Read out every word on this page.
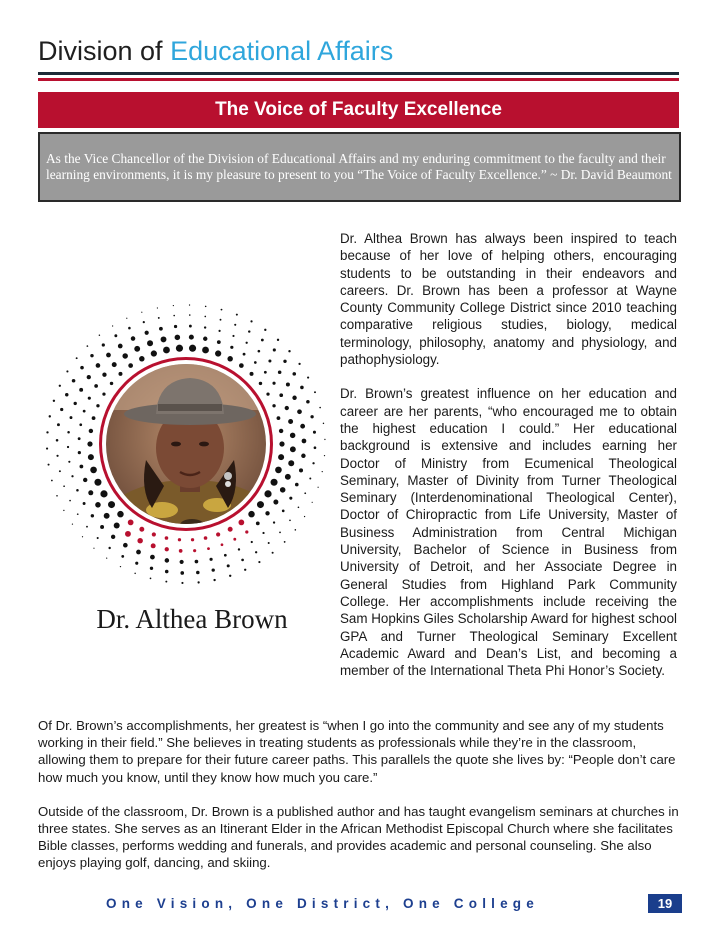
Division of Educational Affairs
The Voice of Faculty Excellence

As the Vice Chancellor of the Division of Educational Affairs and my enduring commitment to the faculty and their learning environments, it is my pleasure to present to you “The Voice of Faculty Excellence.” ~ Dr. David Beaumont

Dr. Althea Brown

Dr. Althea Brown has always been inspired to teach because of her love of helping others, encouraging students to be outstanding in their endeavors and careers. Dr. Brown has been a professor at Wayne County Community College District since 2010 teaching comparative religious studies, biology, medical terminology, philosophy, anatomy and physiology, and pathophysiology.

Dr. Brown’s greatest influence on her education and career are her parents, “who encouraged me to obtain the highest education I could.” Her educational background is extensive and includes earning her Doctor of Ministry from Ecumenical Theological Seminary, Master of Divinity from Turner Theological Seminary (Interdenominational Theological Center), Doctor of Chiropractic from Life University, Master of Business Administration from Central Michigan University, Bachelor of Science in Business from University of Detroit, and her Associate Degree in General Studies from Highland Park Community College. Her accomplishments include receiving the Sam Hopkins Giles Scholarship Award for highest school GPA and Turner Theological Seminary Excellent Academic Award and Dean’s List, and becoming a member of the International Theta Phi Honor’s Society.

Of Dr. Brown’s accomplishments, her greatest is “when I go into the community and see any of my students working in their field.” She believes in treating students as professionals while they’re in the classroom, allowing them to prepare for their future career paths. This parallels the quote she lives by: “People don’t care how much you know, until they know how much you care.”

Outside of the classroom, Dr. Brown is a published author and has taught evangelism seminars at churches in three states. She serves as an Itinerant Elder in the African Methodist Episcopal Church where she facilitates Bible classes, performs wedding and funerals, and provides academic and personal counseling. She also enjoys playing golf, dancing, and skiing.

One Vision, One District, One College	19
